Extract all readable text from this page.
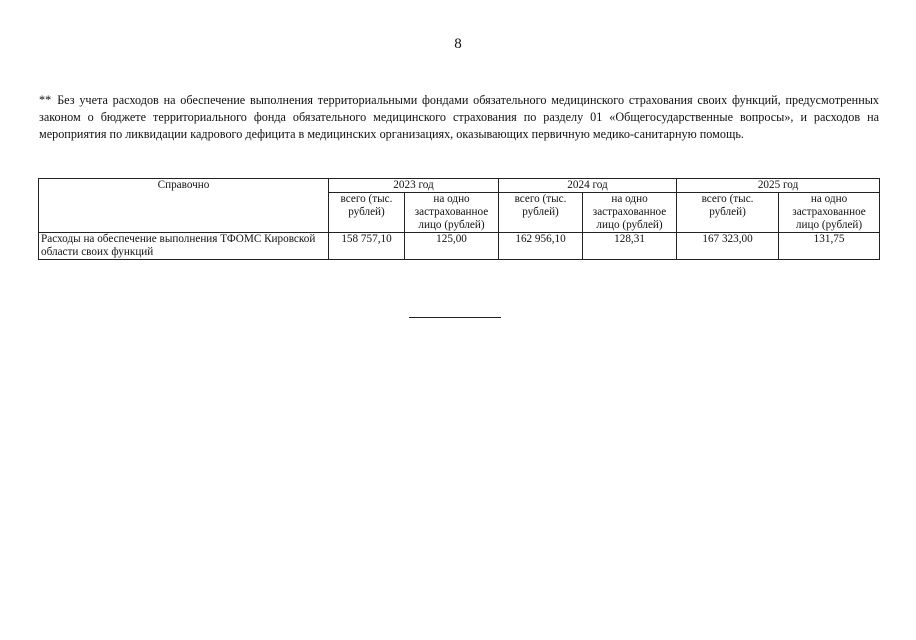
8
** Без учета расходов на обеспечение выполнения территориальными фондами обязательного медицинского страхования своих функций, предусмотренных законом о бюджете территориального фонда обязательного медицинского страхования по разделу 01 «Общегосударственные вопросы», и расходов на мероприятия по ликвидации кадрового дефицита в медицинских организациях, оказывающих первичную медико-санитарную помощь.
Справочно	2023 год		2024 год		2025 год	
	всего (тыс. рублей)	на одно застрахованное лицо (рублей)	всего (тыс. рублей)	на одно застрахованное лицо (рублей)	всего (тыс. рублей)	на одно застрахованное лицо (рублей)
Расходы на обеспечение выполнения ТФОМС Кировской области своих функций	158 757,10	125,00	162 956,10	128,31	167 323,00	131,75
